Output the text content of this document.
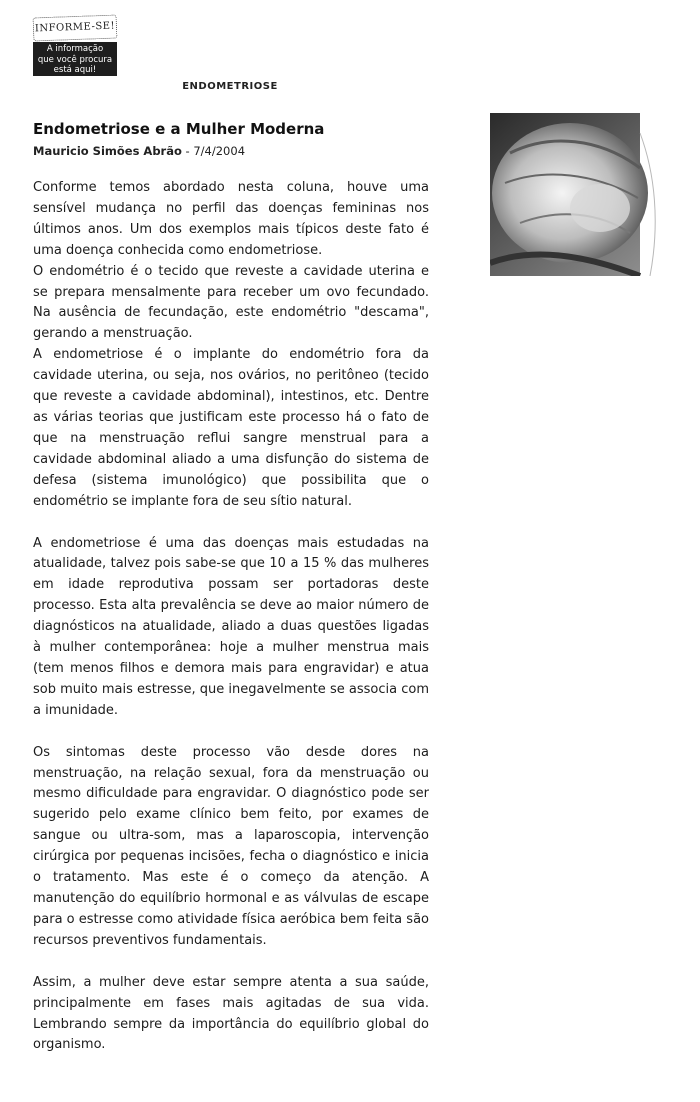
INFORME-SE!
A informação
que você procura
está aqui!
ENDOMETRIOSE
Endometriose e a Mulher Moderna
Mauricio Simões Abrão - 7/4/2004

Conforme temos abordado nesta coluna, houve uma sensível mudança no perfil das doenças femininas nos últimos anos. Um dos exemplos mais típicos deste fato é uma doença conhecida como endometriose.

O endométrio é o tecido que reveste a cavidade uterina e se prepara mensalmente para receber um ovo fecundado. Na ausência de fecundação, este endométrio "descama", gerando a menstruação.

A endometriose é o implante do endométrio fora da cavidade uterina, ou seja, nos ovários, no peritôneo (tecido que reveste a cavidade abdominal), intestinos, etc. Dentre as várias teorias que justificam este processo há o fato de que na menstruação reflui sangre menstrual para a cavidade abdominal aliado a uma disfunção do sistema de defesa (sistema imunológico) que possibilita que o endométrio se implante fora de seu sítio natural.

A endometriose é uma das doenças mais estudadas na atualidade, talvez pois sabe-se que 10 a 15 % das mulheres em idade reprodutiva possam ser portadoras deste processo. Esta alta prevalência se deve ao maior número de diagnósticos na atualidade, aliado a duas questões ligadas à mulher contemporânea: hoje a mulher menstrua mais (tem menos filhos e demora mais para engravidar) e atua sob muito mais estresse, que inegavelmente se associa com a imunidade.

Os sintomas deste processo vão desde dores na menstruação, na relação sexual, fora da menstruação ou mesmo dificuldade para engravidar. O diagnóstico pode ser sugerido pelo exame clínico bem feito, por exames de sangue ou ultra-som, mas a laparoscopia, intervenção cirúrgica por pequenas incisões, fecha o diagnóstico e inicia o tratamento. Mas este é o começo da atenção. A manutenção do equilíbrio hormonal e as válvulas de escape para o estresse como atividade física aeróbica bem feita são recursos preventivos fundamentais.

Assim, a mulher deve estar sempre atenta a sua saúde, principalmente em fases mais agitadas de sua vida. Lembrando sempre da importância do equilíbrio global do organismo.
